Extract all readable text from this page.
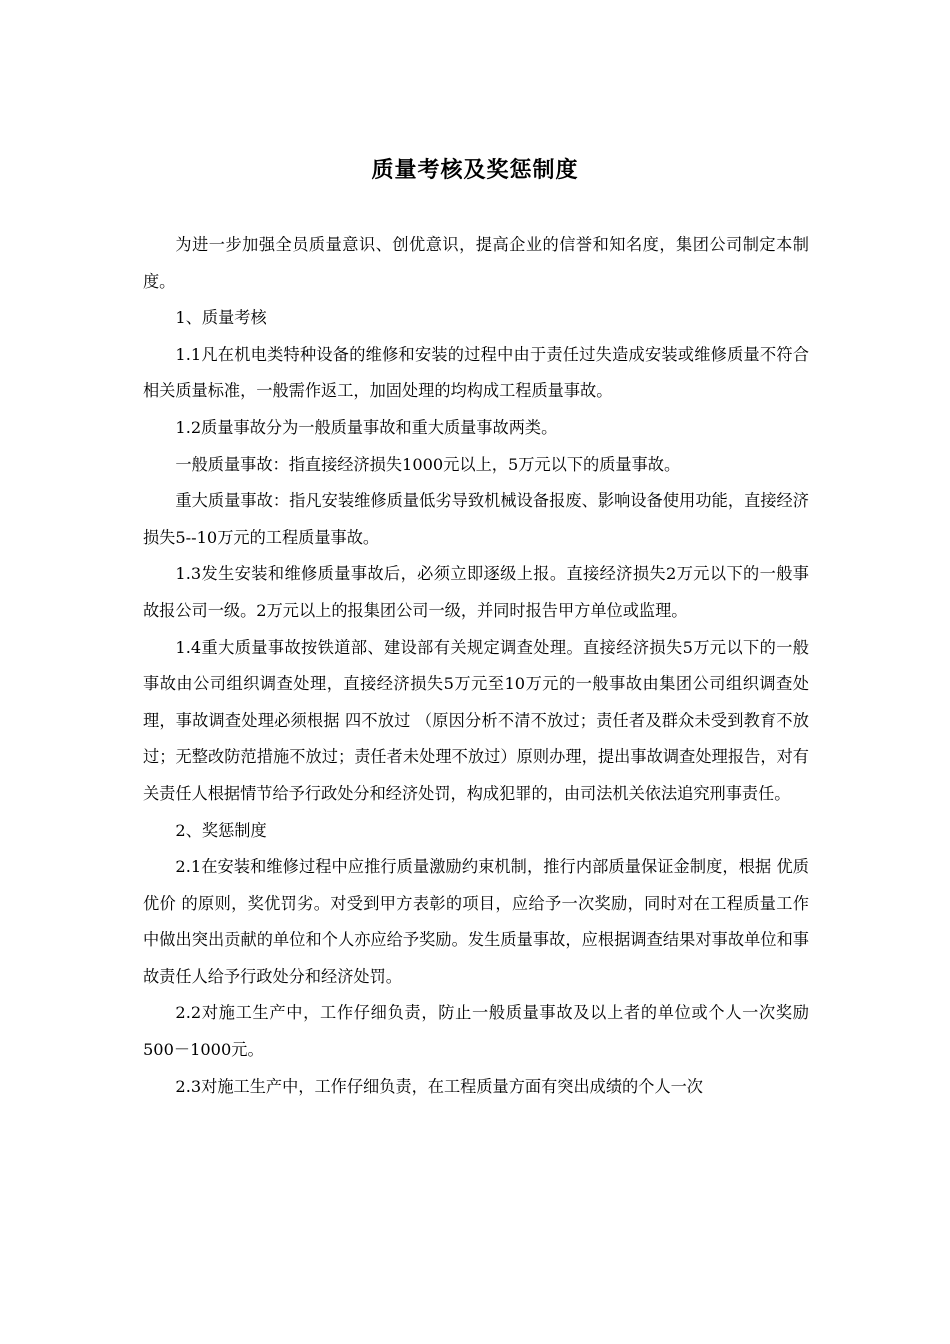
质量考核及奖惩制度

为进一步加强全员质量意识、创优意识，提高企业的信誉和知名度，集团公司制定本制度。

1、质量考核

1.1凡在机电类特种设备的维修和安装的过程中由于责任过失造成安装或维修质量不符合相关质量标准，一般需作返工，加固处理的均构成工程质量事故。

1.2质量事故分为一般质量事故和重大质量事故两类。

一般质量事故：指直接经济损失1000元以上，5万元以下的质量事故。

重大质量事故：指凡安装维修质量低劣导致机械设备报废、影响设备使用功能，直接经济损失5--10万元的工程质量事故。

1.3发生安装和维修质量事故后，必须立即逐级上报。直接经济损失2万元以下的一般事故报公司一级。2万元以上的报集团公司一级，并同时报告甲方单位或监理。

1.4重大质量事故按铁道部、建设部有关规定调查处理。直接经济损失5万元以下的一般事故由公司组织调查处理，直接经济损失5万元至10万元的一般事故由集团公司组织调查处理，事故调查处理必须根据 四不放过 （原因分析不清不放过；责任者及群众未受到教育不放过；无整改防范措施不放过；责任者未处理不放过）原则办理，提出事故调查处理报告，对有关责任人根据情节给予行政处分和经济处罚，构成犯罪的，由司法机关依法追究刑事责任。

2、奖惩制度

2.1在安装和维修过程中应推行质量激励约束机制，推行内部质量保证金制度，根据 优质优价 的原则，奖优罚劣。对受到甲方表彰的项目，应给予一次奖励，同时对在工程质量工作中做出突出贡献的单位和个人亦应给予奖励。发生质量事故，应根据调查结果对事故单位和事故责任人给予行政处分和经济处罚。

2.2对施工生产中，工作仔细负责，防止一般质量事故及以上者的单位或个人一次奖励500－1000元。

2.3对施工生产中，工作仔细负责，在工程质量方面有突出成绩的个人一次
